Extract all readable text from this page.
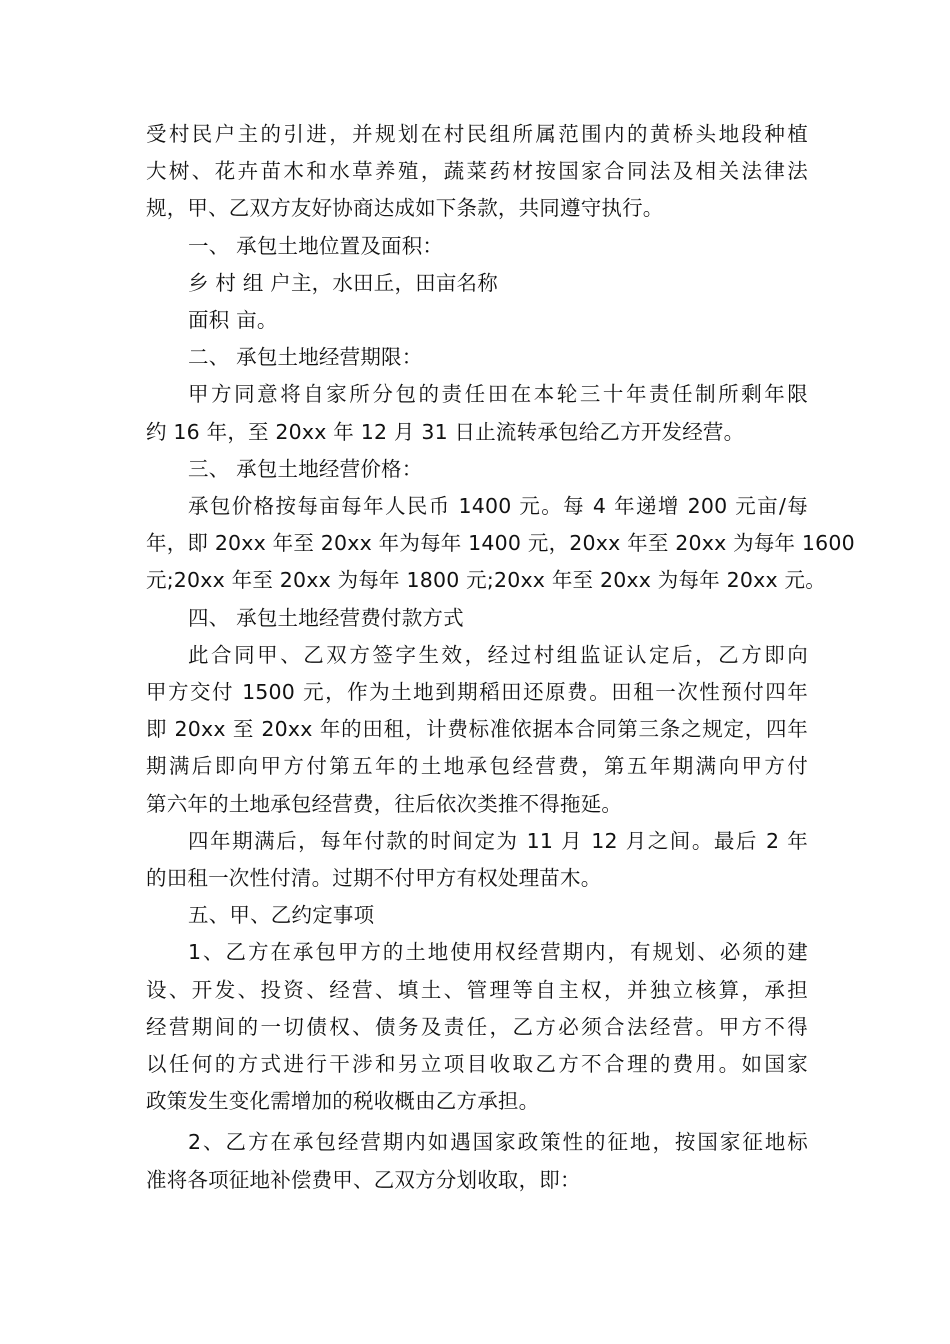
受村民户主的引进，并规划在村民组所属范围内的黄桥头地段种植
大树、花卉苗木和水草养殖，蔬菜药材按国家合同法及相关法律法
规，甲、乙双方友好协商达成如下条款，共同遵守执行。
一、 承包土地位置及面积：
乡 村 组 户主，水田丘，田亩名称
面积 亩。
二、 承包土地经营期限：
甲方同意将自家所分包的责任田在本轮三十年责任制所剩年限
约 16 年，至 20xx 年 12 月 31 日止流转承包给乙方开发经营。
三、 承包土地经营价格：
承包价格按每亩每年人民币 1400 元。每 4 年递增 200 元亩/每
年，即 20xx 年至 20xx 年为每年 1400 元，20xx 年至 20xx 为每年 1600
元;20xx 年至 20xx 为每年 1800 元;20xx 年至 20xx 为每年 20xx 元。
四、 承包土地经营费付款方式
此合同甲、乙双方签字生效，经过村组监证认定后，乙方即向
甲方交付 1500 元，作为土地到期稻田还原费。田租一次性预付四年
即 20xx 至 20xx 年的田租，计费标准依据本合同第三条之规定，四年
期满后即向甲方付第五年的土地承包经营费，第五年期满向甲方付
第六年的土地承包经营费，往后依次类推不得拖延。
四年期满后，每年付款的时间定为 11 月 12 月之间。最后 2 年
的田租一次性付清。过期不付甲方有权处理苗木。
五、甲、乙约定事项
1、乙方在承包甲方的土地使用权经营期内，有规划、必须的建
设、开发、投资、经营、填土、管理等自主权，并独立核算，承担
经营期间的一切债权、债务及责任，乙方必须合法经营。甲方不得
以任何的方式进行干涉和另立项目收取乙方不合理的费用。如国家
政策发生变化需增加的税收概由乙方承担。
2、乙方在承包经营期内如遇国家政策性的征地，按国家征地标
准将各项征地补偿费甲、乙双方分划收取，即：
